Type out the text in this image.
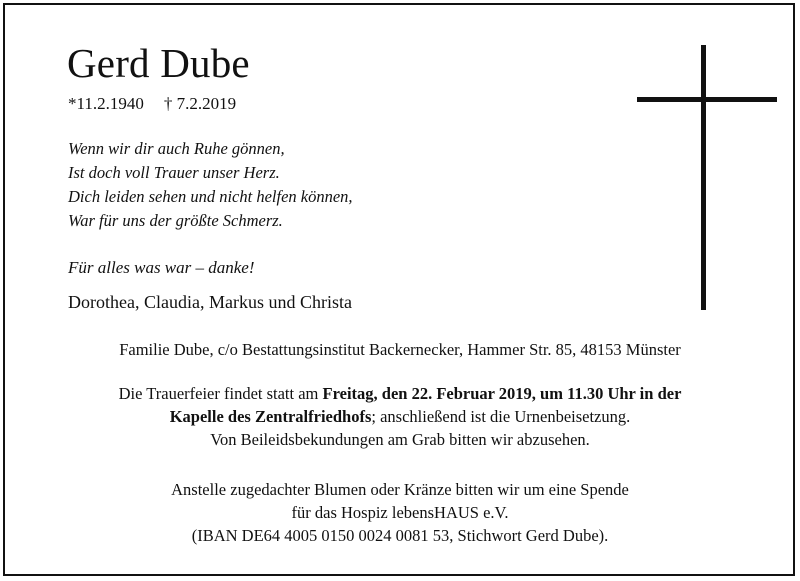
Gerd Dube
*11.2.1940 † 7.2.2019
Wenn wir dir auch Ruhe gönnen,
Ist doch voll Trauer unser Herz.
Dich leiden sehen und nicht helfen können,
War für uns der größte Schmerz.
Für alles was war – danke!
Dorothea, Claudia, Markus und Christa
Familie Dube, c/o Bestattungsinstitut Backernecker, Hammer Str. 85, 48153 Münster
Die Trauerfeier findet statt am Freitag, den 22. Februar 2019, um 11.30 Uhr in der
Kapelle des Zentralfriedhofs; anschließend ist die Urnenbeisetzung.
Von Beileidsbekundungen am Grab bitten wir abzusehen.
Anstelle zugedachter Blumen oder Kränze bitten wir um eine Spende
für das Hospiz lebensHAUS e.V.
(IBAN DE64 4005 0150 0024 0081 53, Stichwort Gerd Dube).
